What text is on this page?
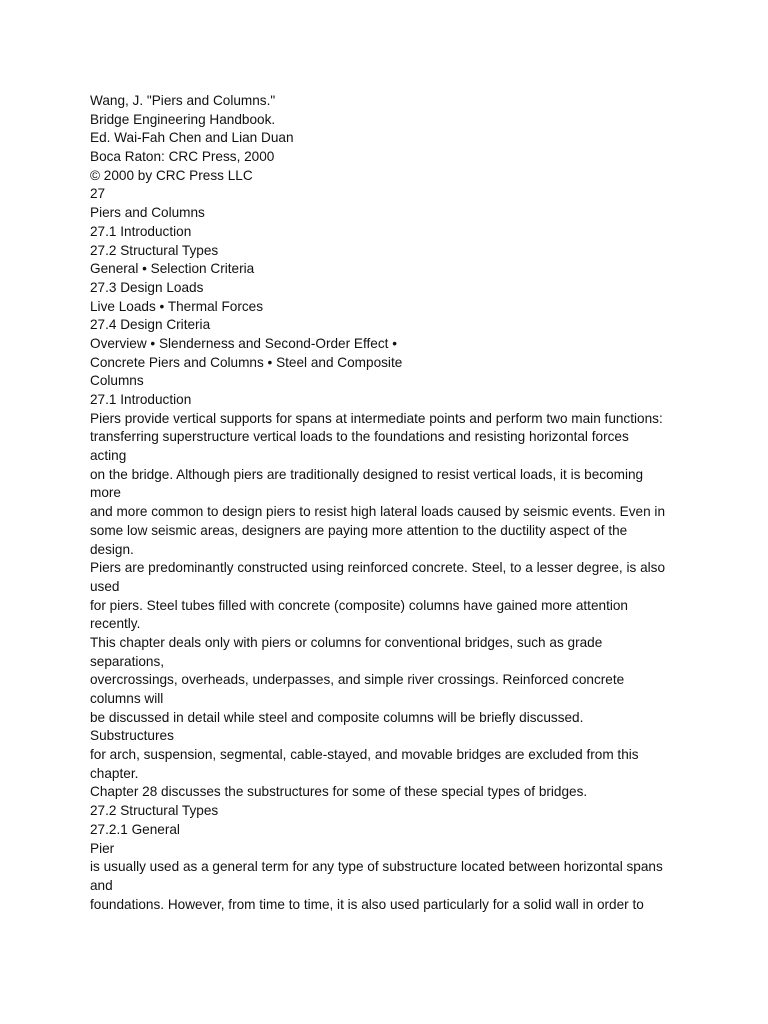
Wang, J. "Piers and Columns."
Bridge Engineering Handbook.
Ed. Wai-Fah Chen and Lian Duan
Boca Raton: CRC Press, 2000
© 2000 by CRC Press LLC
27
Piers and Columns
27.1 Introduction
27.2 Structural Types
General • Selection Criteria
27.3 Design Loads
Live Loads • Thermal Forces
27.4 Design Criteria
Overview • Slenderness and Second-Order Effect •
Concrete Piers and Columns • Steel and Composite
Columns
27.1 Introduction
Piers provide vertical supports for spans at intermediate points and perform two main functions:
transferring superstructure vertical loads to the foundations and resisting horizontal forces
acting
on the bridge. Although piers are traditionally designed to resist vertical loads, it is becoming
more
and more common to design piers to resist high lateral loads caused by seismic events. Even in
some low seismic areas, designers are paying more attention to the ductility aspect of the
design.
Piers are predominantly constructed using reinforced concrete. Steel, to a lesser degree, is also
used
for piers. Steel tubes filled with concrete (composite) columns have gained more attention
recently.
This chapter deals only with piers or columns for conventional bridges, such as grade
separations,
overcrossings, overheads, underpasses, and simple river crossings. Reinforced concrete
columns will
be discussed in detail while steel and composite columns will be briefly discussed.
Substructures
for arch, suspension, segmental, cable-stayed, and movable bridges are excluded from this
chapter.
Chapter 28 discusses the substructures for some of these special types of bridges.
27.2 Structural Types
27.2.1 General
Pier
is usually used as a general term for any type of substructure located between horizontal spans
and
foundations. However, from time to time, it is also used particularly for a solid wall in order to
